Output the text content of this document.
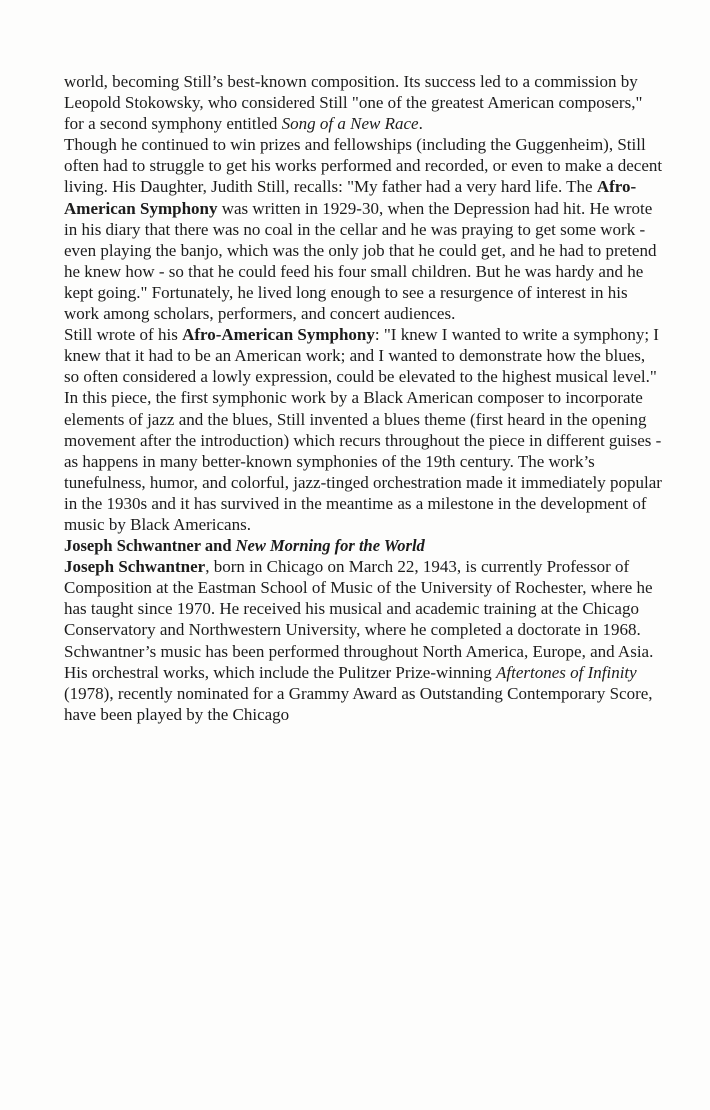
world, becoming Still’s best-known composition. Its success led to a commission by Leopold Stokowsky, who considered Still "one of the greatest American composers," for a second symphony entitled Song of a New Race.

Though he continued to win prizes and fellowships (including the Guggenheim), Still often had to struggle to get his works performed and recorded, or even to make a decent living. His Daughter, Judith Still, recalls: "My father had a very hard life. The Afro-American Symphony was written in 1929-30, when the Depression had hit. He wrote in his diary that there was no coal in the cellar and he was praying to get some work - even playing the banjo, which was the only job that he could get, and he had to pretend he knew how - so that he could feed his four small children. But he was hardy and he kept going." Fortunately, he lived long enough to see a resurgence of interest in his work among scholars, performers, and concert audiences.

Still wrote of his Afro-American Symphony: "I knew I wanted to write a symphony; I knew that it had to be an American work; and I wanted to demonstrate how the blues, so often considered a lowly expression, could be elevated to the highest musical level." In this piece, the first symphonic work by a Black American composer to incorporate elements of jazz and the blues, Still invented a blues theme (first heard in the opening movement after the introduction) which recurs throughout the piece in different guises - as happens in many better-known symphonies of the 19th century. The work’s tunefulness, humor, and colorful, jazz-tinged orchestration made it immediately popular in the 1930s and it has survived in the meantime as a milestone in the development of music by Black Americans.

Joseph Schwantner and New Morning for the World

Joseph Schwantner, born in Chicago on March 22, 1943, is currently Professor of Composition at the Eastman School of Music of the University of Rochester, where he has taught since 1970. He received his musical and academic training at the Chicago Conservatory and Northwestern University, where he completed a doctorate in 1968.

Schwantner’s music has been performed throughout North America, Europe, and Asia. His orchestral works, which include the Pulitzer Prize-winning Aftertones of Infinity (1978), recently nominated for a Grammy Award as Outstanding Contemporary Score, have been played by the Chicago
